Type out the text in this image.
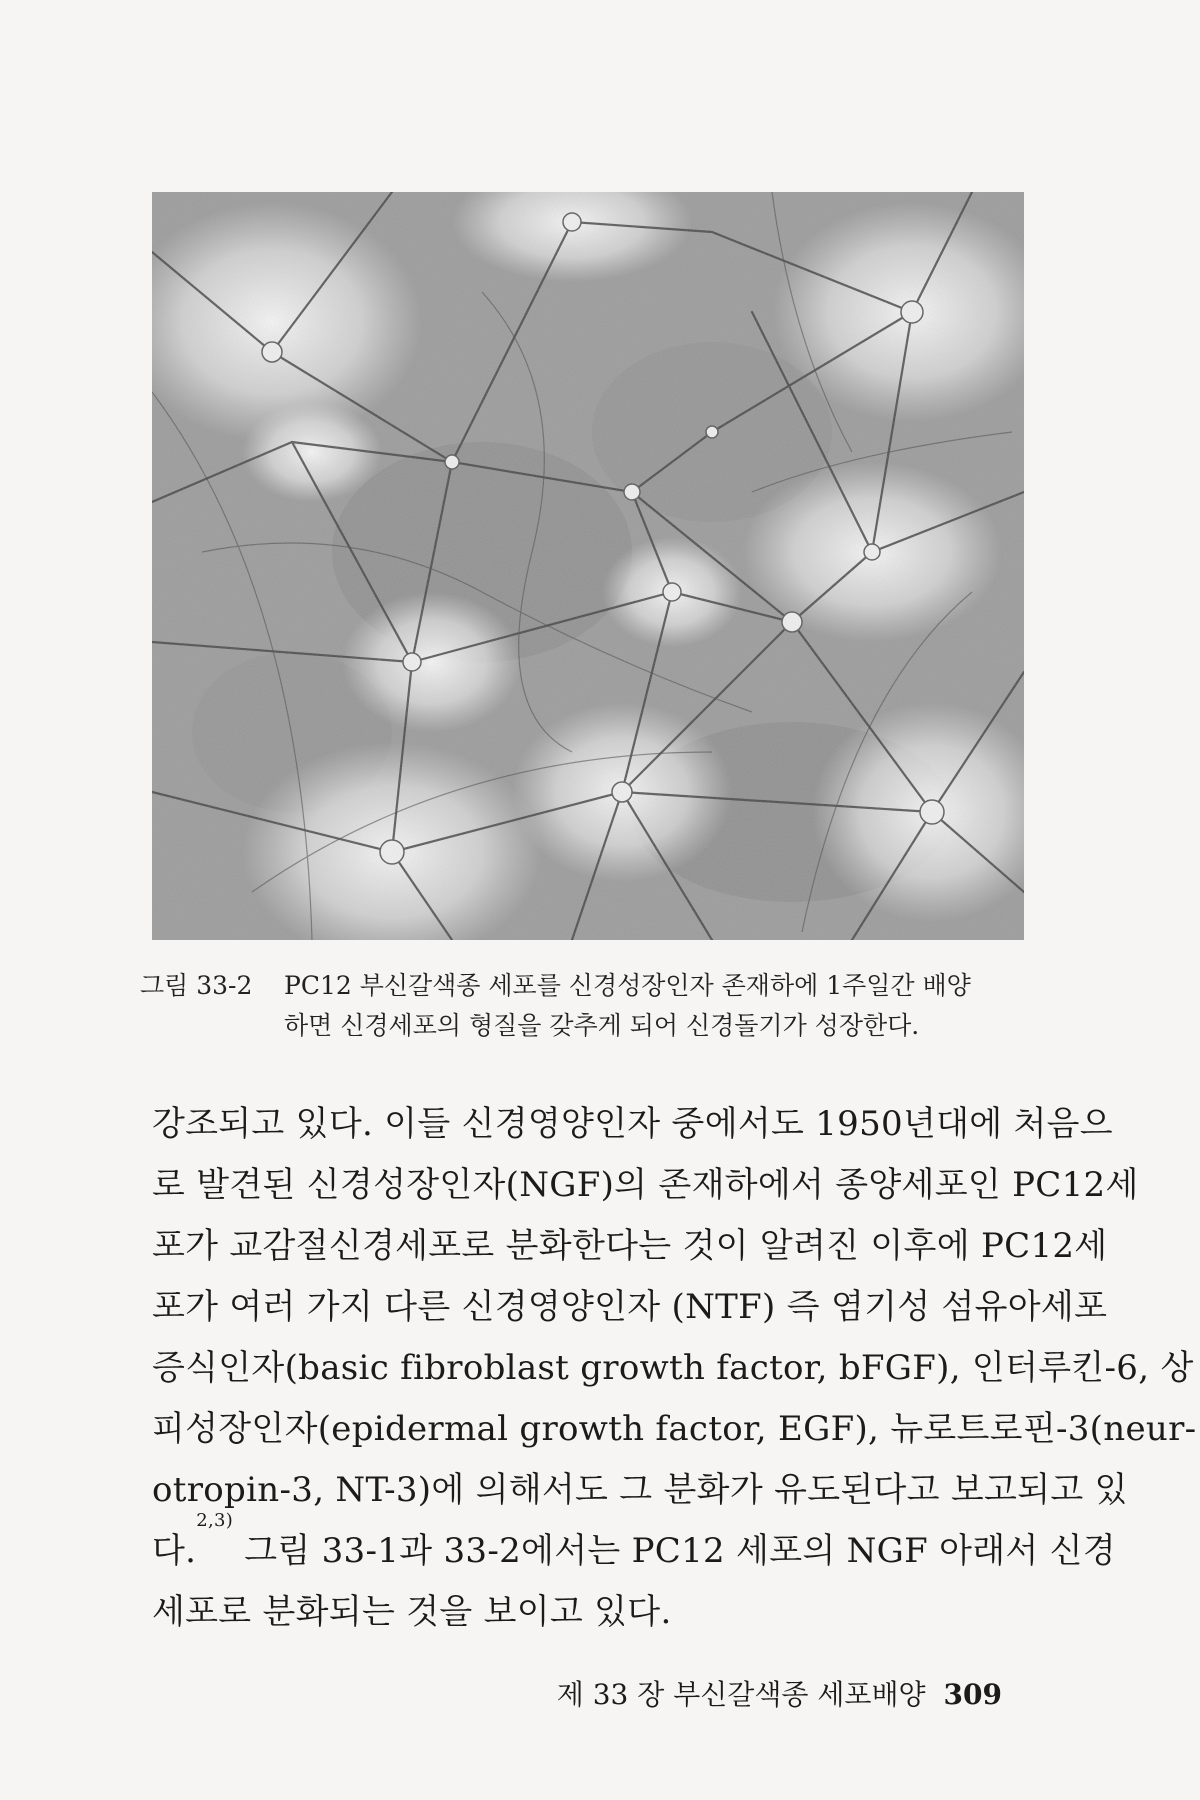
그림 33-2	PC12 부신갈색종 세포를 신경성장인자 존재하에 1주일간 배양
하면 신경세포의 형질을 갖추게 되어 신경돌기가 성장한다.
강조되고 있다. 이들 신경영양인자 중에서도 1950년대에 처음으
로 발견된 신경성장인자(NGF)의 존재하에서 종양세포인 PC12세
포가 교감절신경세포로 분화한다는 것이 알려진 이후에 PC12세
포가 여러 가지 다른 신경영양인자 (NTF) 즉 염기성 섬유아세포
증식인자(basic fibroblast growth factor, bFGF), 인터루킨-6, 상
피성장인자(epidermal growth factor, EGF), 뉴로트로핀-3(neur-
otropin-3, NT-3)에 의해서도 그 분화가 유도된다고 보고되고 있
다.
2,3)

그림 33-1과 33-2에서는 PC12 세포의 NGF 아래서 신경
세포로 분화되는 것을 보이고 있다.
제 33 장 부신갈색종 세포배양 309
